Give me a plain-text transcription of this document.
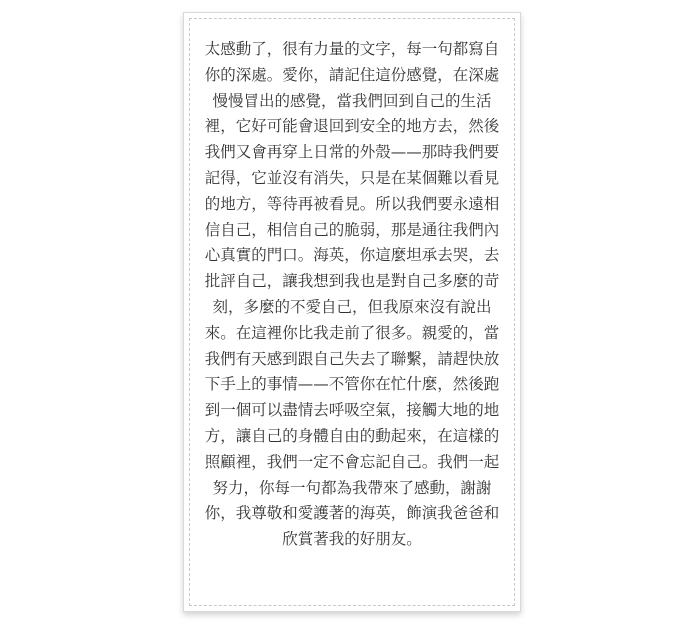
太感動了，很有力量的文字，每一句都寫自你的深處。愛你，請記住這份感覺，在深處慢慢冒出的感覺，當我們回到自己的生活裡，它好可能會退回到安全的地方去，然後我們又會再穿上日常的外殼——那時我們要記得，它並沒有消失，只是在某個難以看見的地方，等待再被看見。所以我們要永遠相信自己，相信自己的脆弱，那是通往我們內心真實的門口。海英，你這麼坦承去哭，去批評自己，讓我想到我也是對自己多麼的苛刻，多麼的不愛自己，但我原來沒有說出來。在這裡你比我走前了很多。親愛的，當我們有天感到跟自己失去了聯繫，請趕快放下手上的事情——不管你在忙什麼，然後跑到一個可以盡情去呼吸空氣，接觸大地的地方，讓自己的身體自由的動起來，在這樣的照顧裡，我們一定不會忘記自己。我們一起努力，你每一句都為我帶來了感動，謝謝你，我尊敬和愛護著的海英，飾演我爸爸和欣賞著我的好朋友。
